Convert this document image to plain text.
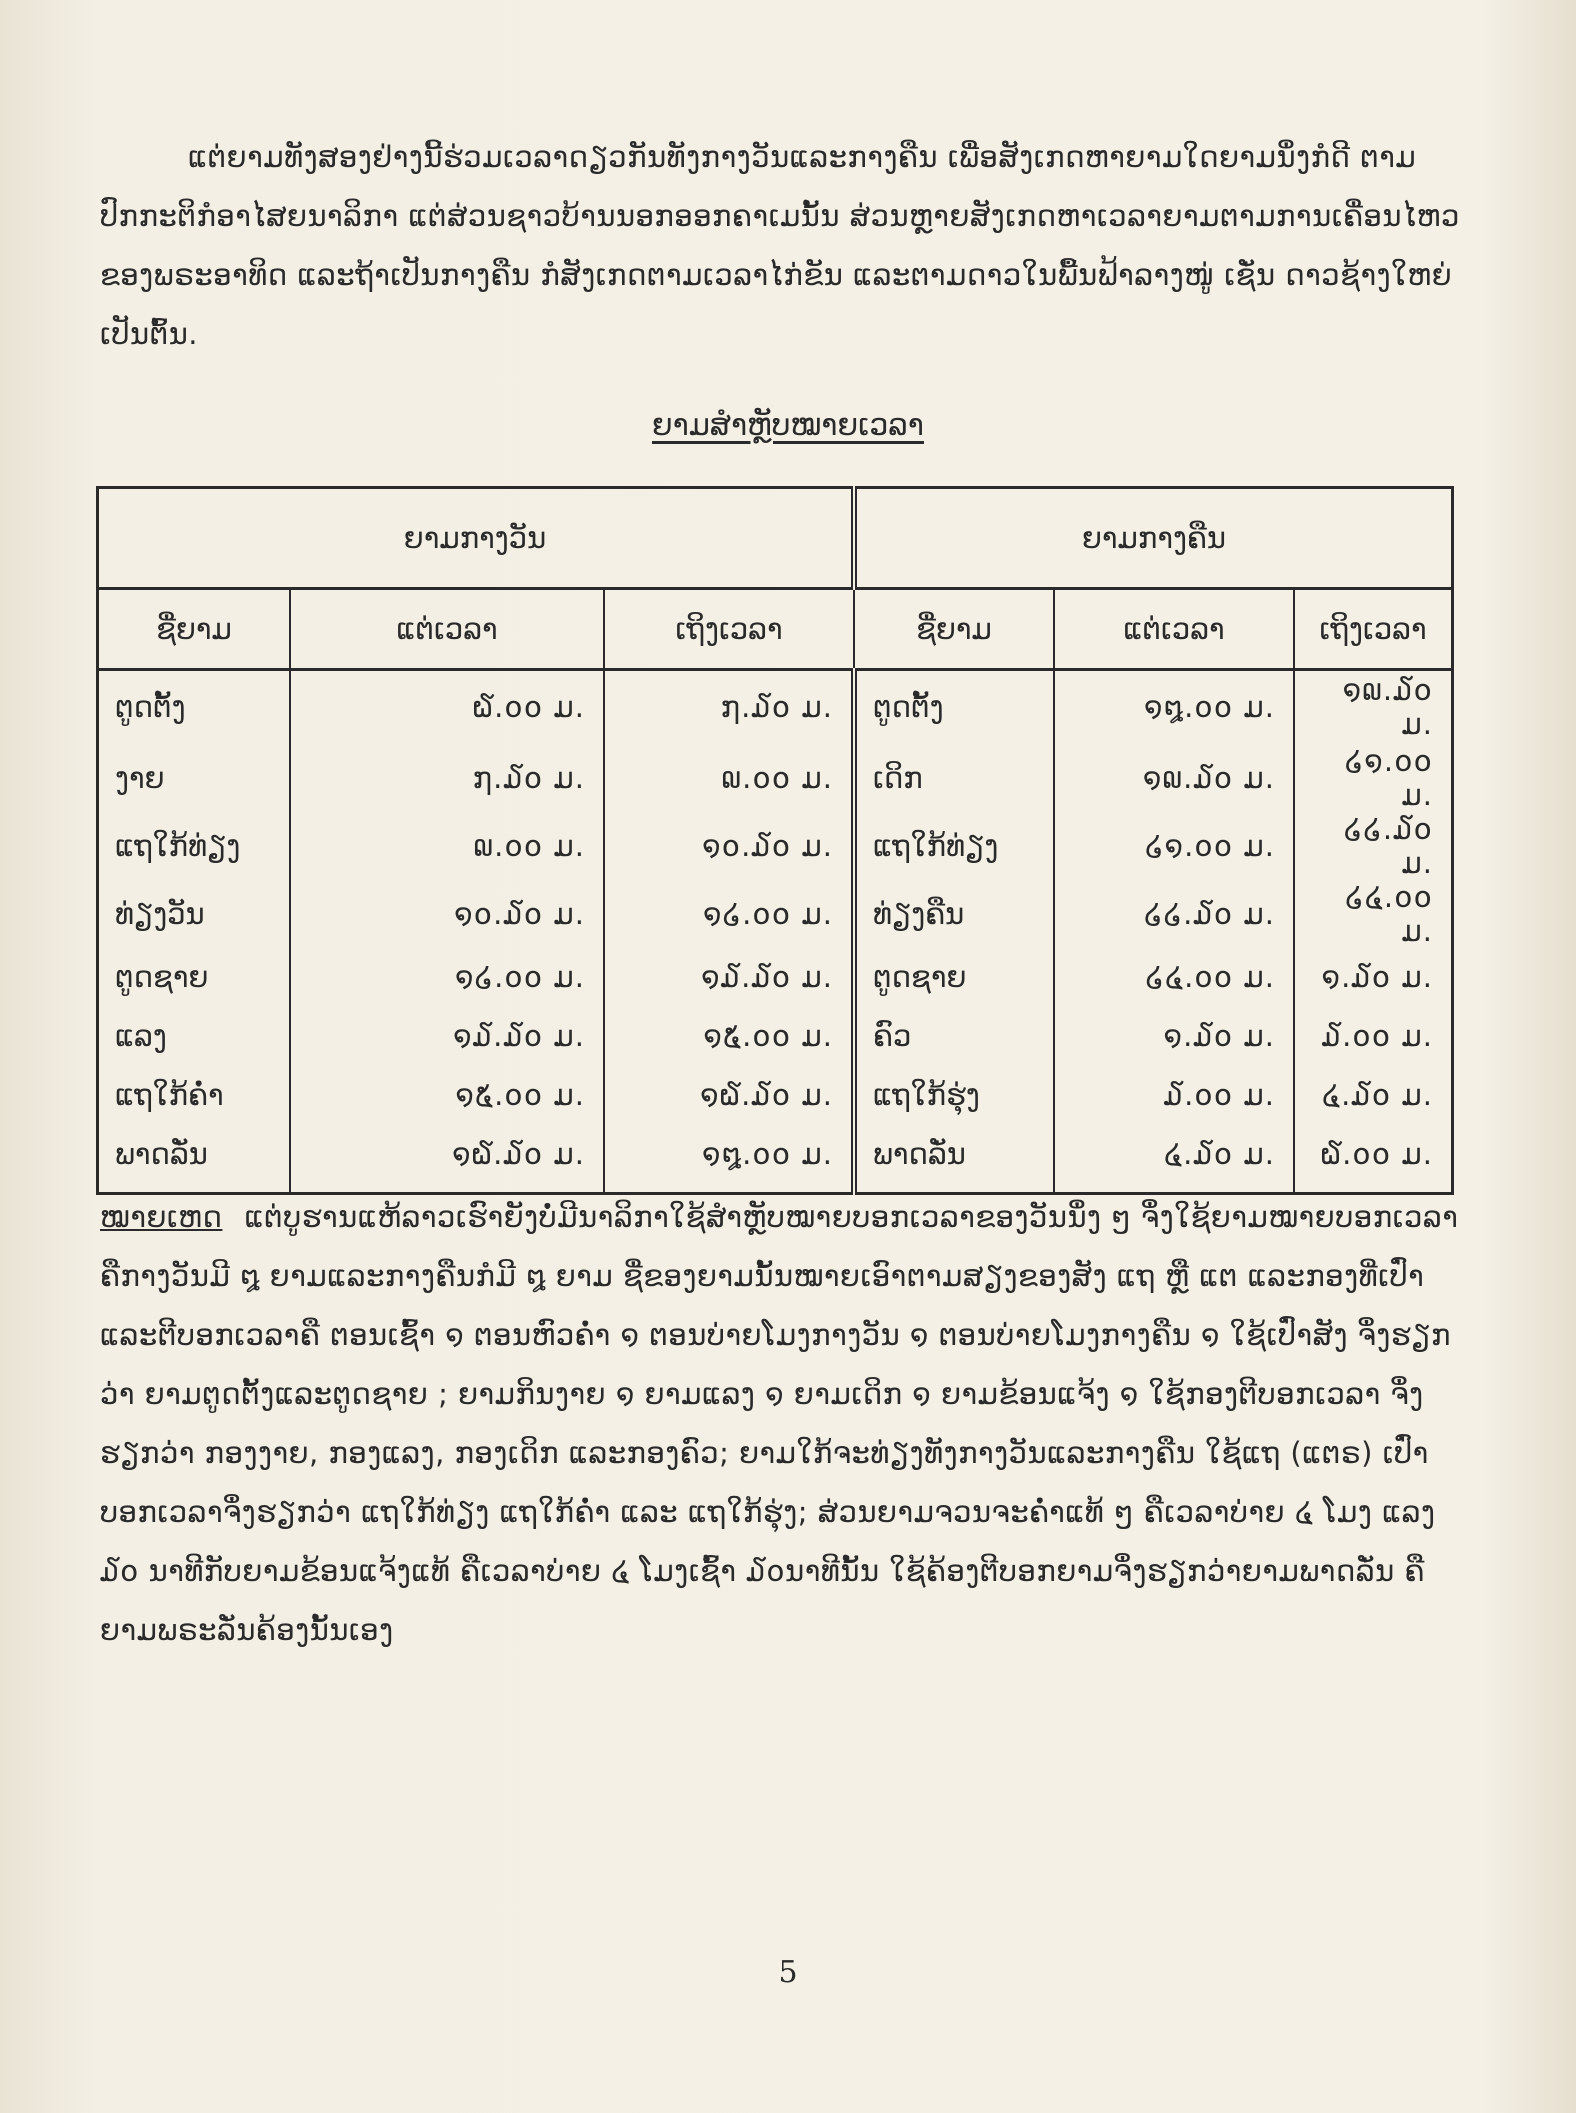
ແຕ່ຍາມທັງສອງຢ່າງນີ້ຮ່ວມເວລາດຽວກັນທັງກາງວັນແລະກາງຄືນ ເພື່ອສັງເກດຫາຍາມໃດຍາມນຶ່ງກໍດີ ຕາມປົກກະຕິກໍອາໄສຍນາລິກາ ແຕ່ສ່ວນຊາວບ້ານນອກອອກຄາເມນັ້ນ ສ່ວນຫຼາຍສັງເກດຫາເວລາຍາມຕາມການເຄື່ອນໄຫວຂອງພຣະອາທິດ ແລະຖ້າເປັນກາງຄືນ ກໍສັງເກດຕາມເວລາໄກ່ຂັນ ແລະຕາມດາວໃນພື້ນຟ້າລາງໜູ່ ເຊັ່ນ ດາວຊ້າງໃຫຍ່ ເປັນຕົ້ນ.

ຍາມສຳຫຼັບໝາຍເວລາ
ຍາມກາງວັນ			ຍາມກາງຄືນ		
ຊື່ຍາມ	ແຕ່ເວລາ	ເຖິງເວລາ	ຊື່ຍາມ	ແຕ່ເວລາ	ເຖິງເວລາ
ຕູດຕັ້ງ	໖.໐໐ ມ.	໗.໓໐ ມ.	ຕູດຕັ້ງ	໑໘.໐໐ ມ.	໑໙.໓໐ ມ.
ງາຍ	໗.໓໐ ມ.	໙.໐໐ ມ.	ເດິກ	໑໙.໓໐ ມ.	໒໑.໐໐ ມ.
ແຖໃກ້ທ່ຽງ	໙.໐໐ ມ.	໑໐.໓໐ ມ.	ແຖໃກ້ທ່ຽງ	໒໑.໐໐ ມ.	໒໒.໓໐ ມ.
ທ່ຽງວັນ	໑໐.໓໐ ມ.	໑໒.໐໐ ມ.	ທ່ຽງຄືນ	໒໒.໓໐ ມ.	໒໔.໐໐ ມ.
ຕູດຊາຍ	໑໒.໐໐ ມ.	໑໓.໓໐ ມ.	ຕູດຊາຍ	໒໔.໐໐ ມ.	໑.໓໐ ມ.
ແລງ	໑໓.໓໐ ມ.	໑໕.໐໐ ມ.	ຄົວ	໑.໓໐ ມ.	໓.໐໐ ມ.
ແຖໃກ້ຄ່ຳ	໑໕.໐໐ ມ.	໑໖.໓໐ ມ.	ແຖໃກ້ຮຸ່ງ	໓.໐໐ ມ.	໔.໓໐ ມ.
ພາດລັ່ນ	໑໖.໓໐ ມ.	໑໘.໐໐ ມ.	ພາດລັ່ນ	໔.໓໐ ມ.	໖.໐໐ ມ.

ໝາຍເຫດ ແຕ່ບູຮານແຫ້ລາວເຮົາຍັງບໍ່ມີນາລິກາໃຊ້ສຳຫຼັບໝາຍບອກເວລາຂອງວັນນຶ່ງ ໆ ຈຶ່ງໃຊ້ຍາມໝາຍບອກເວລາ ຄືກາງວັນມີ ໘ ຍາມແລະກາງຄືນກໍມີ ໘ ຍາມ ຊື່ຂອງຍາມນັ້ນໝາຍເອົາຕາມສຽງຂອງສັງ ແຖ ຫຼື ແຕ ແລະກອງທີ່ເປົ່າແລະຕີບອກເວລາຄື ຕອນເຊົ້າ ໑ ຕອນຫົວຄ່ຳ ໑ ຕອນບ່າຍໂມງກາງວັນ ໑ ຕອນບ່າຍໂມງກາງຄືນ ໑ ໃຊ້ເປົ່າສັງ ຈຶ່ງຮຽກວ່າ ຍາມຕູດຕັ້ງແລະຕູດຊາຍ ; ຍາມກິນງາຍ ໑ ຍາມແລງ ໑ ຍາມເດິກ ໑ ຍາມຂ້ອນແຈ້ງ ໑ ໃຊ້ກອງຕີບອກເວລາ ຈຶ່ງຮຽກວ່າ ກອງງາຍ, ກອງແລງ, ກອງເດິກ ແລະກອງຄົວ; ຍາມໃກ້ຈະທ່ຽງທັງກາງວັນແລະກາງຄືນ ໃຊ້ແຖ (ແຕຣ) ເປົ່າບອກເວລາຈຶ່ງຮຽກວ່າ ແຖໃກ້ທ່ຽງ ແຖໃກ້ຄ່ຳ ແລະ ແຖໃກ້ຮຸ່ງ; ສ່ວນຍາມຈວນຈະຄ່ຳແທ້ ໆ ຄືເວລາບ່າຍ ໔ ໂມງ ແລງ ໓໐ ນາທີກັບຍາມຂ້ອນແຈ້ງແທ້ ຄືເວລາບ່າຍ ໔ ໂມງເຊົ້າ ໓໐ນາທີນັ້ນ ໃຊ້ຄ້ອງຕີບອກຍາມຈຶ່ງຮຽກວ່າຍາມພາດລັ່ນ ຄືຍາມພຣະລັ່ນຄ້ອງນັ້ນເອງ

5
